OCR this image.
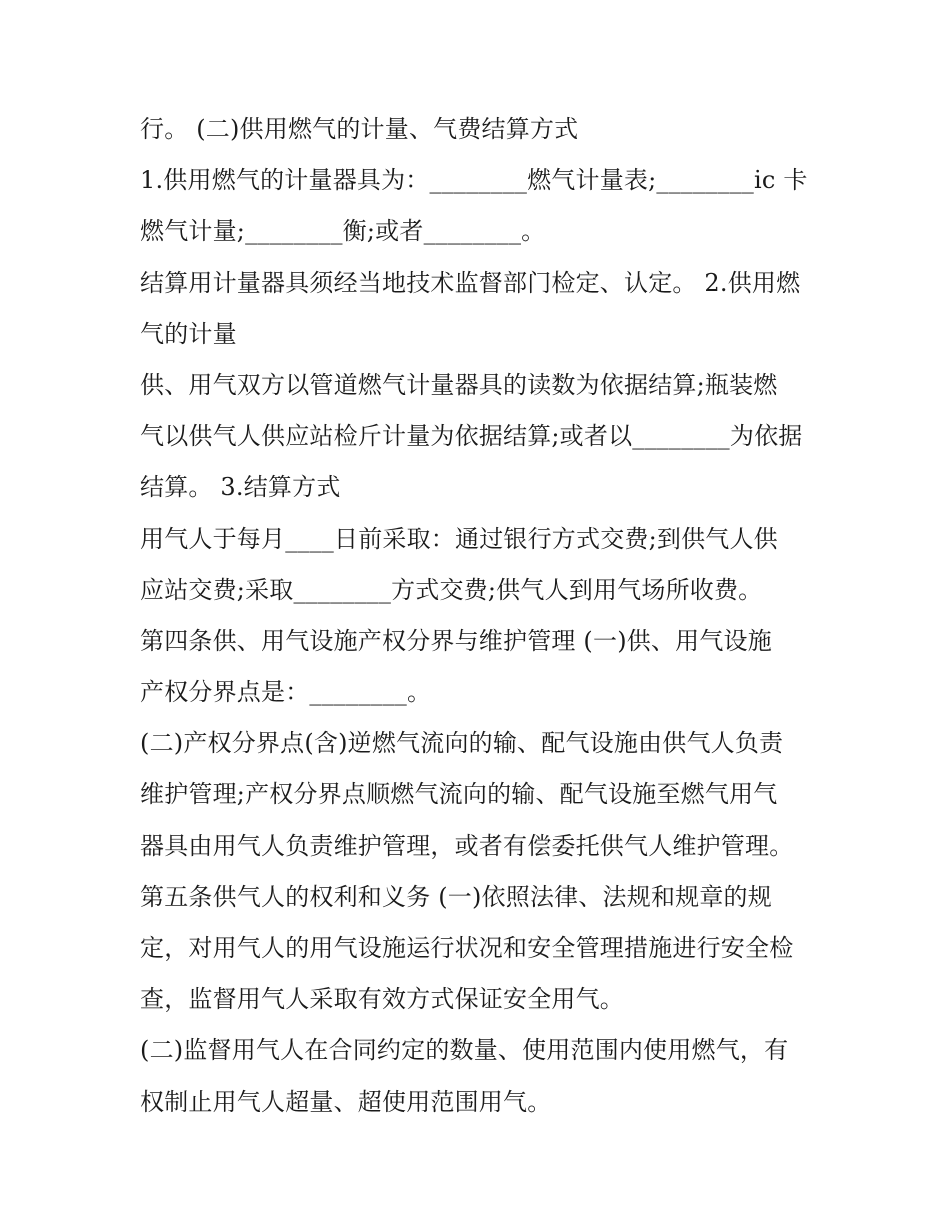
行。 (二)供用燃气的计量、气费结算方式
1.供用燃气的计量器具为：________燃气计量表;________ic 卡
燃气计量;________衡;或者________。
结算用计量器具须经当地技术监督部门检定、认定。 2.供用燃
气的计量
供、用气双方以管道燃气计量器具的读数为依据结算;瓶装燃
气以供气人供应站检斤计量为依据结算;或者以________为依据
结算。 3.结算方式
用气人于每月____日前采取：通过银行方式交费;到供气人供
应站交费;采取________方式交费;供气人到用气场所收费。
第四条供、用气设施产权分界与维护管理 (一)供、用气设施
产权分界点是：________。
(二)产权分界点(含)逆燃气流向的输、配气设施由供气人负责
维护管理;产权分界点顺燃气流向的输、配气设施至燃气用气
器具由用气人负责维护管理，或者有偿委托供气人维护管理。
第五条供气人的权利和义务 (一)依照法律、法规和规章的规
定，对用气人的用气设施运行状况和安全管理措施进行安全检
查，监督用气人采取有效方式保证安全用气。
(二)监督用气人在合同约定的数量、使用范围内使用燃气，有
权制止用气人超量、超使用范围用气。
